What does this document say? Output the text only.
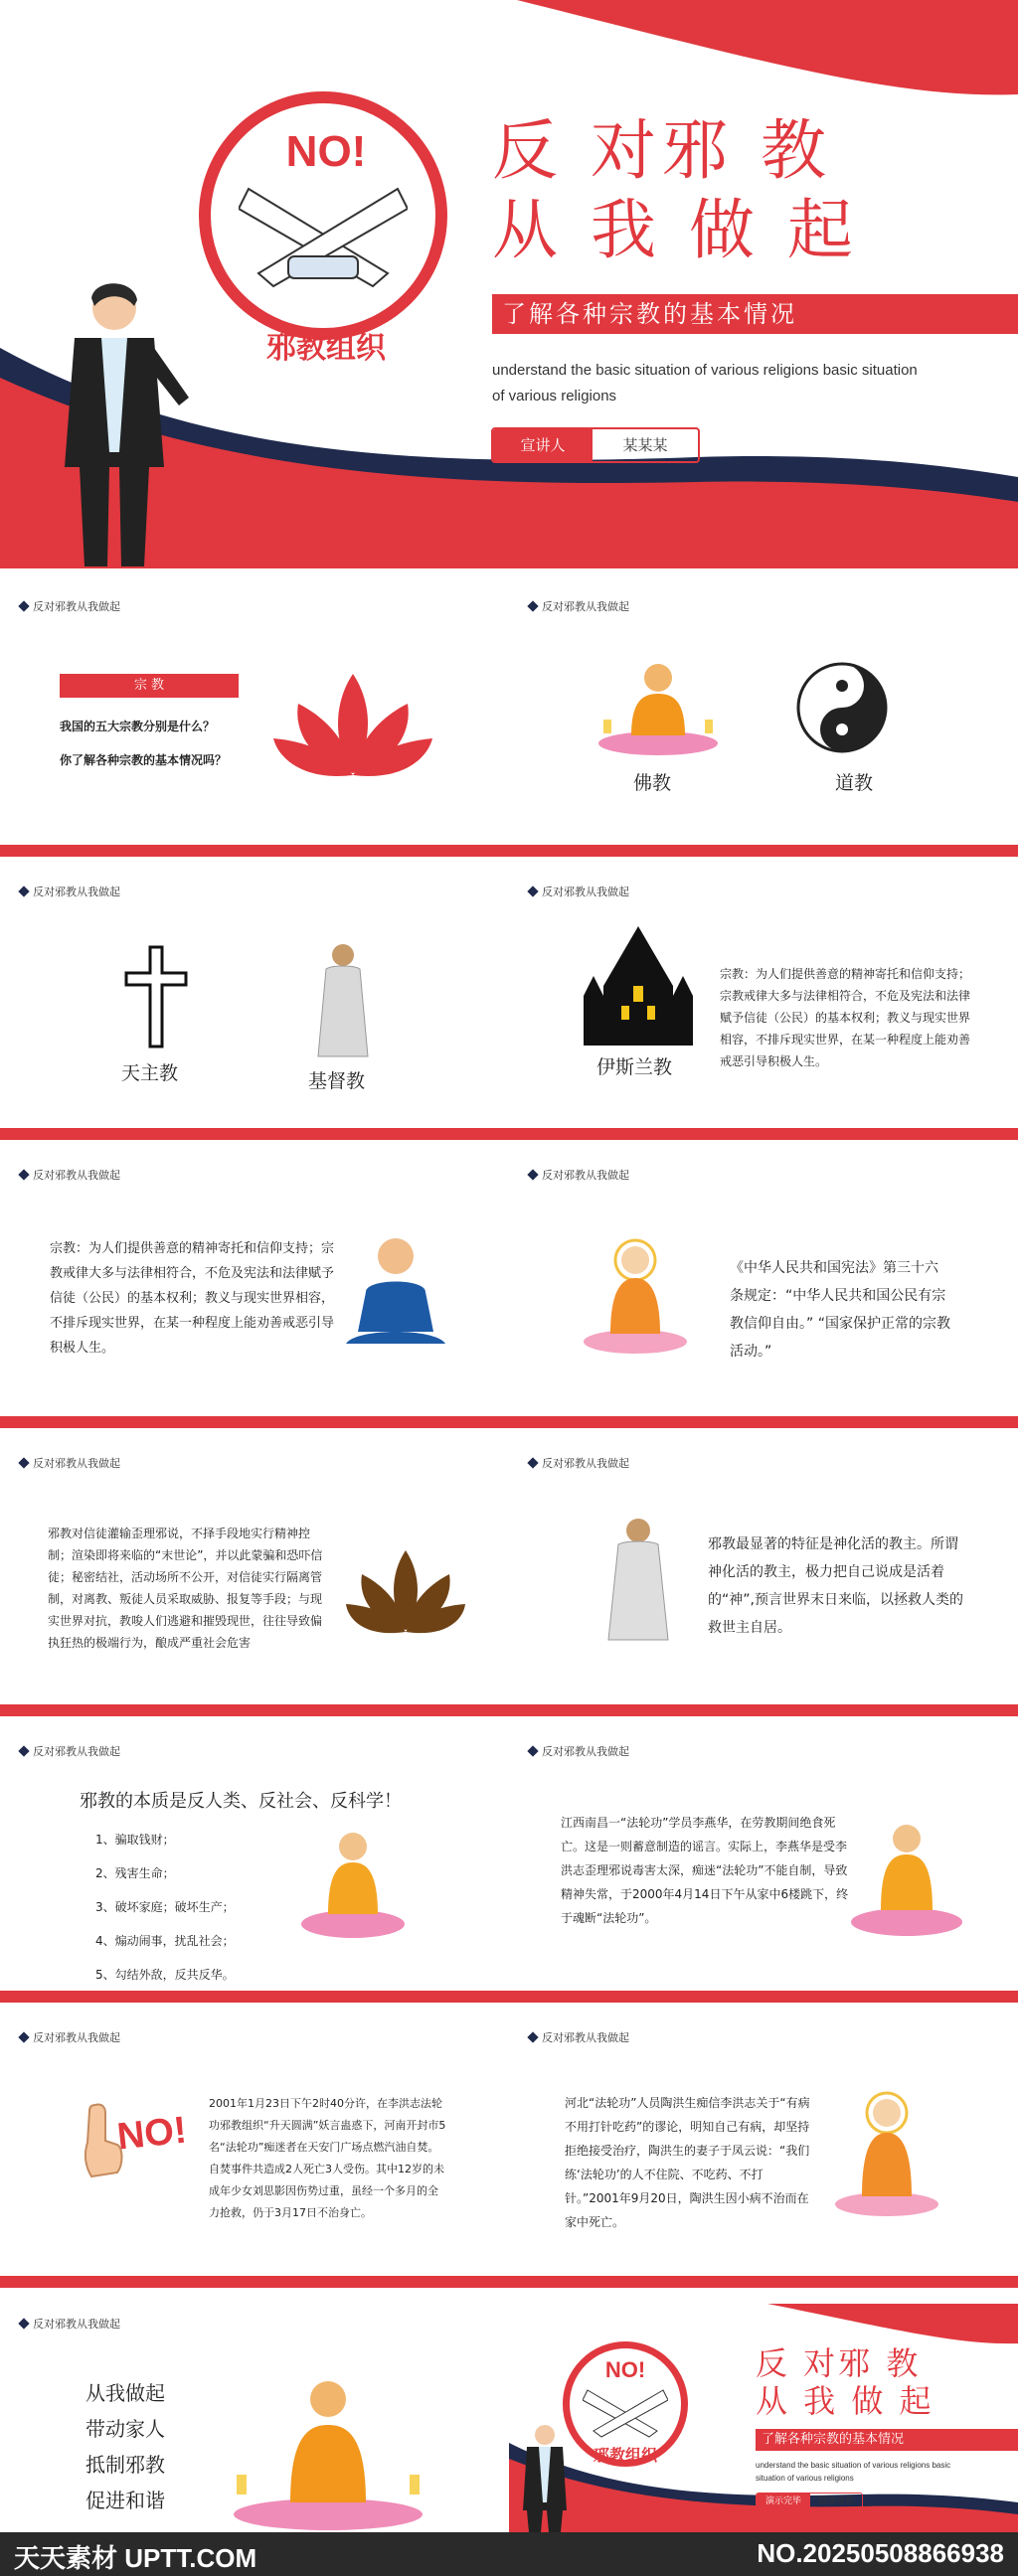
NO!
邪教组织
反 对邪 教
从 我 做 起
了解各种宗教的基本情况
understand the basic situation of various religions basic situation of various religions
宣讲人	某某某
反对邪教从我做起
宗 教
我国的五大宗教分别是什么？
你了解各种宗教的基本情况吗？
反对邪教从我做起
佛教	道教
反对邪教从我做起
天主教	基督教
反对邪教从我做起
伊斯兰教
宗教：为人们提供善意的精神寄托和信仰支持；宗教戒律大多与法律相符合，不危及宪法和法律赋予信徒（公民）的基本权利；教义与现实世界相容，不排斥现实世界，在某一种程度上能劝善戒恶引导积极人生。
反对邪教从我做起
宗教：为人们提供善意的精神寄托和信仰支持；宗教戒律大多与法律相符合，不危及宪法和法律赋予信徒（公民）的基本权利；教义与现实世界相容，不排斥现实世界，在某一种程度上能劝善戒恶引导积极人生。
反对邪教从我做起
《中华人民共和国宪法》第三十六条规定：“中华人民共和国公民有宗教信仰自由。” “国家保护正常的宗教活动。”
反对邪教从我做起
邪教对信徒灌输歪理邪说，不择手段地实行精神控制；渲染即将来临的“末世论”，并以此蒙骗和恐吓信徒；秘密结社，活动场所不公开，对信徒实行隔离管制，对离教、叛徒人员采取威胁、报复等手段；与现实世界对抗，教唆人们逃避和摧毁现世，往往导致偏执狂热的极端行为，酿成严重社会危害
反对邪教从我做起
邪教最显著的特征是神化活的教主。所谓神化活的教主，极力把自己说成是活着的“神”,预言世界末日来临，以拯救人类的救世主自居。
反对邪教从我做起
邪教的本质是反人类、反社会、反科学！
1、骗取钱财；
2、残害生命；
3、破坏家庭；破坏生产；
4、煽动闹事，扰乱社会；
5、勾结外敌，反共反华。
反对邪教从我做起
江西南昌一“法轮功”学员李燕华，在劳教期间绝食死亡。这是一则蓄意制造的谣言。实际上，李燕华是受李洪志歪理邪说毒害太深，痴迷“法轮功”不能自制，导致精神失常，于2000年4月14日下午从家中6楼跳下，终于魂断“法轮功”。
反对邪教从我做起
NO!
2001年1月23日下午2时40分许，在李洪志法轮功邪教组织“升天圆满”妖言蛊惑下，河南开封市5名“法轮功”痴迷者在天安门广场点燃汽油自焚。自焚事件共造成2人死亡3人受伤。其中12岁的未成年少女刘思影因伤势过重，虽经一个多月的全力抢救，仍于3月17日不治身亡。
反对邪教从我做起
河北“法轮功”人员陶洪生痴信李洪志关于“有病不用打针吃药”的谬论，明知自己有病，却坚持拒绝接受治疗，陶洪生的妻子于凤云说：“我们练‘法轮功’的人不住院、不吃药、不打针。”2001年9月20日，陶洪生因小病不治而在家中死亡。
反对邪教从我做起
从我做起
带动家人
抵制邪教
促进和谐
NO!
邪教组织
反 对邪 教
从 我 做 起
了解各种宗教的基本情况
understand the basic situation of various religions basic situation of various religions
演示完毕	感谢观看
天天素材 UPTT.COM	NO.20250508866938
